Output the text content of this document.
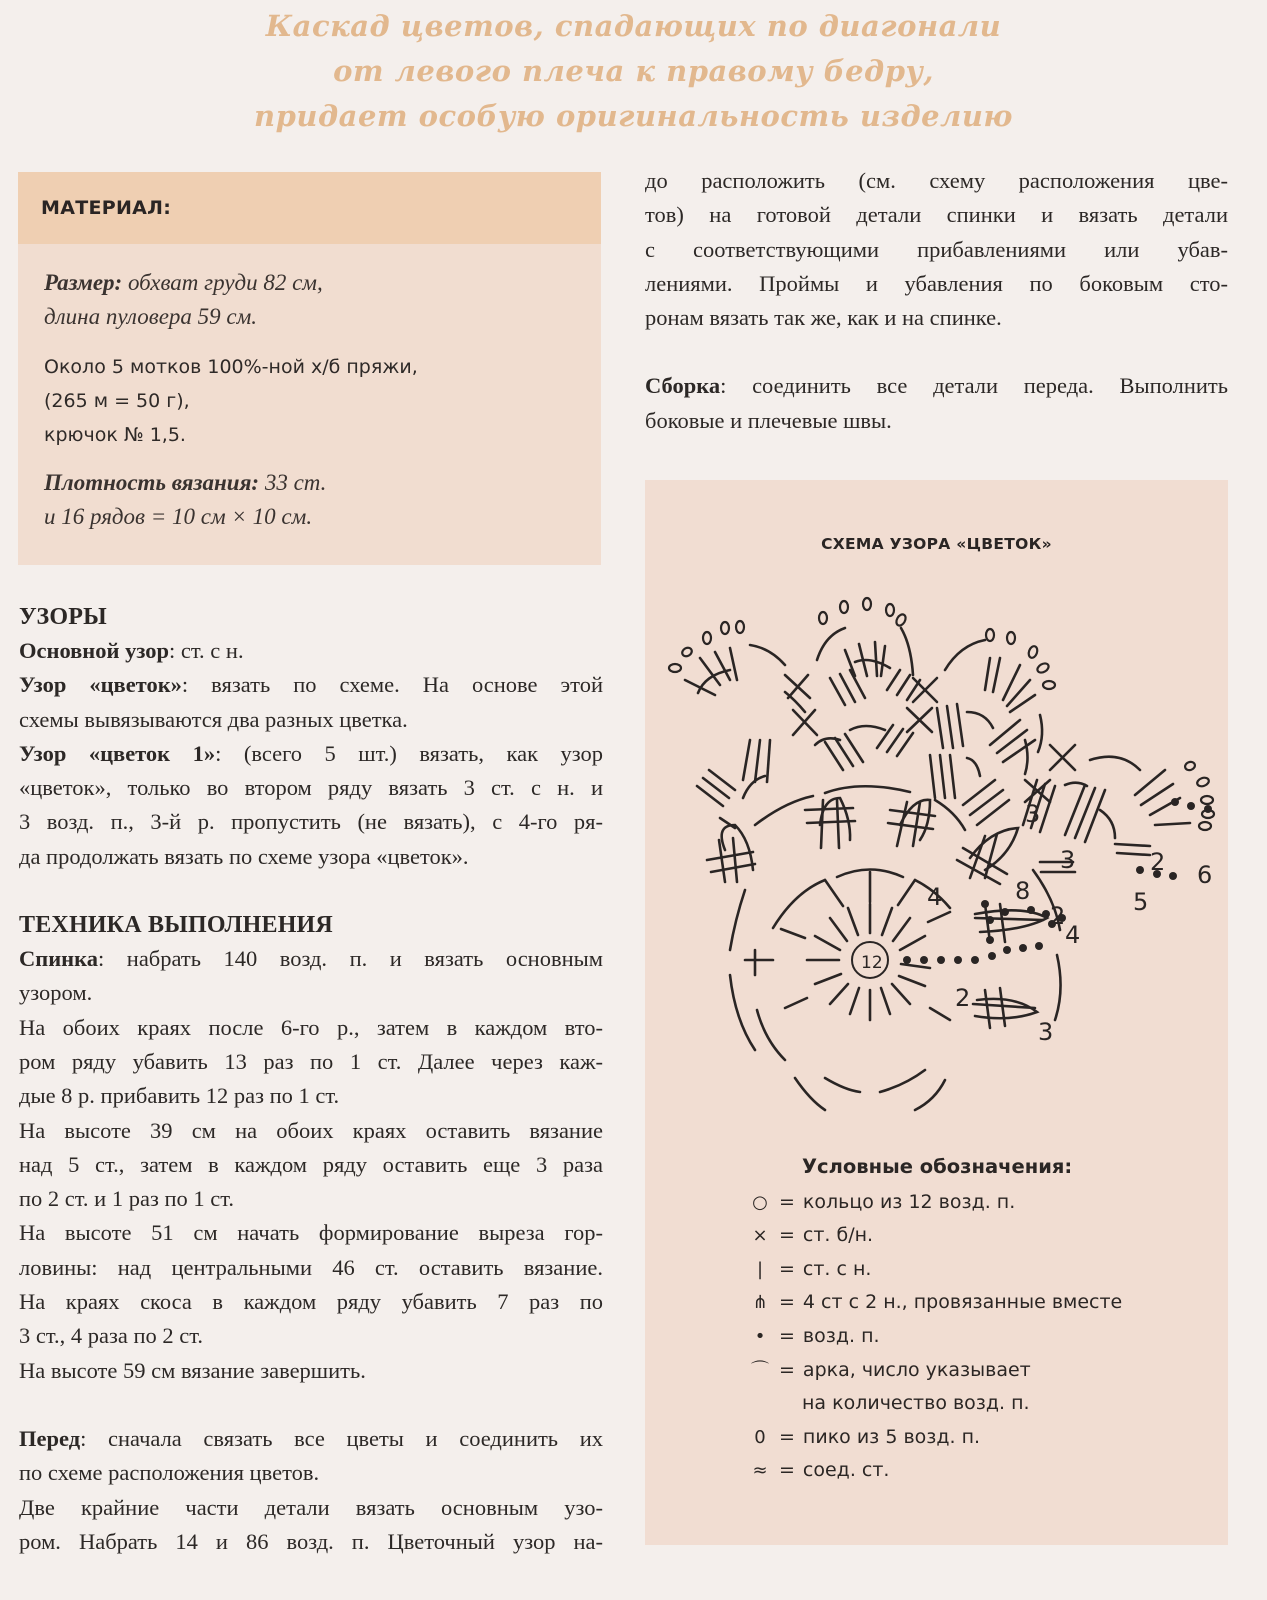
Каскад цветов, спадающих по диагонали
от левого плеча к правому бедру,
придает особую оригинальность изделию
МАТЕРИАЛ:
Размер: обхват груди 82 см,
длина пуловера 59 см.
Около 5 мотков 100%-ной х/б пряжи,
(265 м = 50 г),
крючок № 1,5.
Плотность вязания: 33 ст.
и 16 рядов = 10 см × 10 см.
УЗОРЫ
Основной узор: ст. с н.
Узор «цветок»: вязать по схеме. На основе этой
схемы вывязываются два разных цветка.
Узор «цветок 1»: (всего 5 шт.) вязать, как узор
«цветок», только во втором ряду вязать 3 ст. с н. и
3 возд. п., 3-й р. пропустить (не вязать), с 4-го ря-
да продолжать вязать по схеме узора «цветок».
ТЕХНИКА ВЫПОЛНЕНИЯ
Спинка: набрать 140 возд. п. и вязать основным
узором.
На обоих краях после 6-го р., затем в каждом вто-
ром ряду убавить 13 раз по 1 ст. Далее через каж-
дые 8 р. прибавить 12 раз по 1 ст.
На высоте 39 см на обоих краях оставить вязание
над 5 ст., затем в каждом ряду оставить еще 3 раза
по 2 ст. и 1 раз по 1 ст.
На высоте 51 см начать формирование выреза гор-
ловины: над центральными 46 ст. оставить вязание.
На краях скоса в каждом ряду убавить 7 раз по
3 ст., 4 раза по 2 ст.
На высоте 59 см вязание завершить.
Перед: сначала связать все цветы и соединить их
по схеме расположения цветов.
Две крайние части детали вязать основным узо-
ром. Набрать 14 и 86 возд. п. Цветочный узор на-
до расположить (см. схему расположения цве-
тов) на готовой детали спинки и вязать детали
с соответствующими прибавлениями или убав-
лениями. Проймы и убавления по боковым сто-
ронам вязать так же, как и на спинке.
Сборка: соединить все детали переда. Выполнить
боковые и плечевые швы.
СХЕМА УЗОРА «ЦВЕТОК»
12
4	8
2
4
2
3
3
3	2
5
6
Условные обозначения:
○ = кольцо из 12 возд. п.
× = ст. б/н.
| = ст. с н.
⋔ = 4 ст с 2 н., провязанные вместе
• = возд. п.
⌒ = арка, число указывает
на количество возд. п.
0 = пико из 5 возд. п.
≈ = соед. ст.
